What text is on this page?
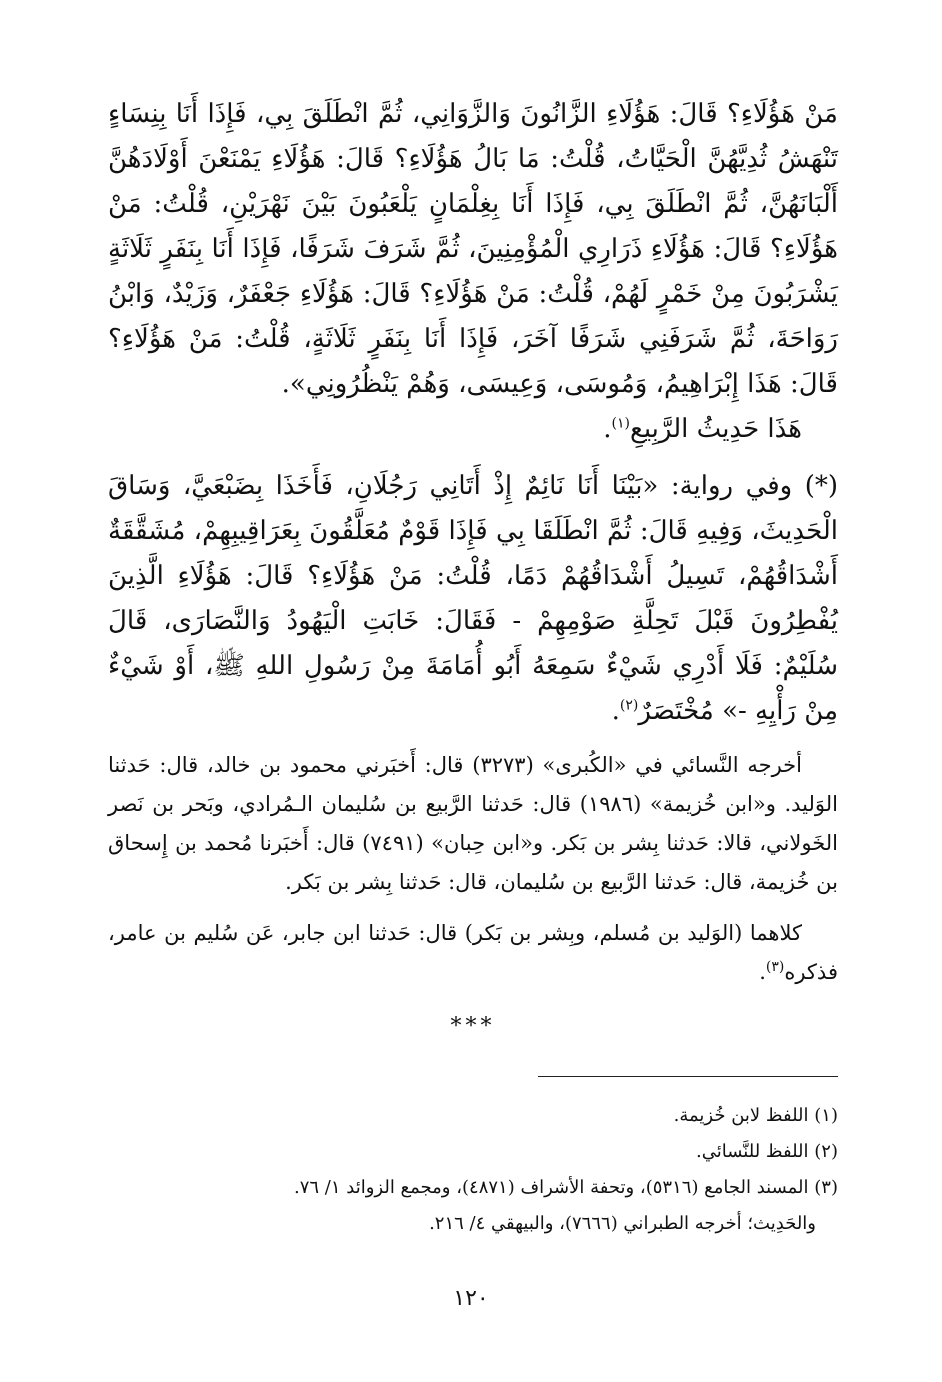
مَنْ هَؤُلَاءِ؟ قَالَ: هَؤُلَاءِ الزَّانُونَ وَالزَّوَانِي، ثُمَّ انْطَلَقَ بِي، فَإِذَا أَنَا بِنِسَاءٍ تَنْهَشُ ثُدِيَّهُنَّ الْحَيَّاتُ، قُلْتُ: مَا بَالُ هَؤُلَاءِ؟ قَالَ: هَؤُلَاءِ يَمْنَعْنَ أَوْلَادَهُنَّ أَلْبَانَهُنَّ، ثُمَّ انْطَلَقَ بِي، فَإِذَا أَنَا بِغِلْمَانٍ يَلْعَبُونَ بَيْنَ نَهْرَيْنِ، قُلْتُ: مَنْ هَؤُلَاءِ؟ قَالَ: هَؤُلَاءِ ذَرَارِي الْمُؤْمِنِينَ، ثُمَّ شَرَفَ شَرَفًا، فَإِذَا أَنَا بِنَفَرٍ ثَلَاثَةٍ يَشْرَبُونَ مِنْ خَمْرٍ لَهُمْ، قُلْتُ: مَنْ هَؤُلَاءِ؟ قَالَ: هَؤُلَاءِ جَعْفَرٌ، وَزَيْدٌ، وَابْنُ رَوَاحَةَ، ثُمَّ شَرَفَنِي شَرَفًا آخَرَ، فَإِذَا أَنَا بِنَفَرٍ ثَلَاثَةٍ، قُلْتُ: مَنْ هَؤُلَاءِ؟ قَالَ: هَذَا إِبْرَاهِيمُ، وَمُوسَى، وَعِيسَى، وَهُمْ يَنْظُرُونِي».

هَذَا حَدِيثُ الرَّبِيعِ$^{(١)}$.

(*) وفي رواية: «بَيْنَا أَنَا نَائِمٌ إِذْ أَتَانِي رَجُلَانِ، فَأَخَذَا بِضَبْعَيَّ، وَسَاقَ الْحَدِيثَ، وَفِيهِ قَالَ: ثُمَّ انْطَلَقَا بِي فَإِذَا قَوْمٌ مُعَلَّقُونَ بِعَرَاقِيبِهِمْ، مُشَقَّقَةٌ أَشْدَاقُهُمْ، تَسِيلُ أَشْدَاقُهُمْ دَمًا، قُلْتُ: مَنْ هَؤُلَاءِ؟ قَالَ: هَؤُلَاءِ الَّذِينَ يُفْطِرُونَ قَبْلَ تَحِلَّةِ صَوْمِهِمْ - فَقَالَ: خَابَتِ الْيَهُودُ وَالنَّصَارَى، قَالَ سُلَيْمٌ: فَلَا أَدْرِي شَيْءٌ سَمِعَهُ أَبُو أُمَامَةَ مِنْ رَسُولِ اللهِ ﷺ، أَوْ شَيْءٌ مِنْ رَأْيِهِ -» مُخْتَصَرٌ$^{(٢)}$.

أخرجه النَّسائي في «الكُبرى» (٣٢٧٣) قال: أَخبَرني محمود بن خالد، قال: حَدثنا الوَليد. و«ابن خُزيمة» (١٩٨٦) قال: حَدثنا الرَّبيع بن سُليمان الـمُرادي، وبَحر بن نَصر الخَولاني، قالا: حَدثنا بِشر بن بَكر. و«ابن حِبان» (٧٤٩١) قال: أَخبَرنا مُحمد بن إِسحاق بن خُزيمة، قال: حَدثنا الرَّبيع بن سُليمان، قال: حَدثنا بِشر بن بَكر.

كلاهما (الوَليد بن مُسلم، وبِشر بن بَكر) قال: حَدثنا ابن جابر، عَن سُليم بن عامر، فذكره$^{(٣)}$.

***

(١) اللفظ لابن خُزيمة.

(٢) اللفظ للنَّسائي.

(٣) المسند الجامع (٥٣١٦)، وتحفة الأشراف (٤٨٧١)، ومجمع الزوائد ١/ ٧٦.

والحَدِيث؛ أخرجه الطبراني (٧٦٦٦)، والبيهقي ٤/ ٢١٦.

١٢٠
